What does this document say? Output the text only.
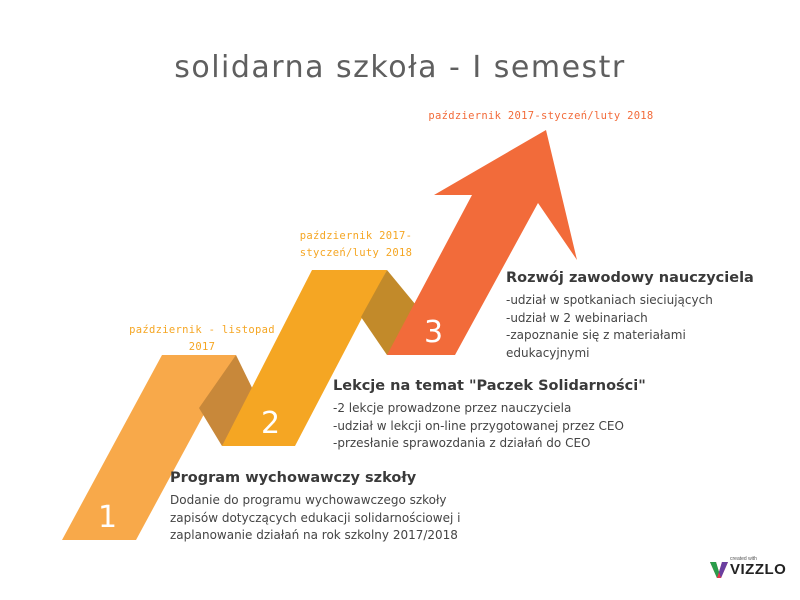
solidarna szkoła - I semestr
październik - listopad
2017
październik 2017-
styczeń/luty 2018
październik 2017-styczeń/luty 2018
1
2
3
Program wychowawczy szkoły
Dodanie do programu wychowawczego szkoły
zapisów dotyczących edukacji solidarnościowej i
zaplanowanie działań na rok szkolny 2017/2018
Lekcje na temat "Paczek Solidarności"
-2 lekcje prowadzone przez nauczyciela
-udział w lekcji on-line przygotowanej przez CEO
-przesłanie sprawozdania z działań do CEO
Rozwój zawodowy nauczyciela
-udział w spotkaniach sieciujących
-udział w 2 webinariach
-zapoznanie się z materiałami
edukacyjnymi
created with
VIZZLO
